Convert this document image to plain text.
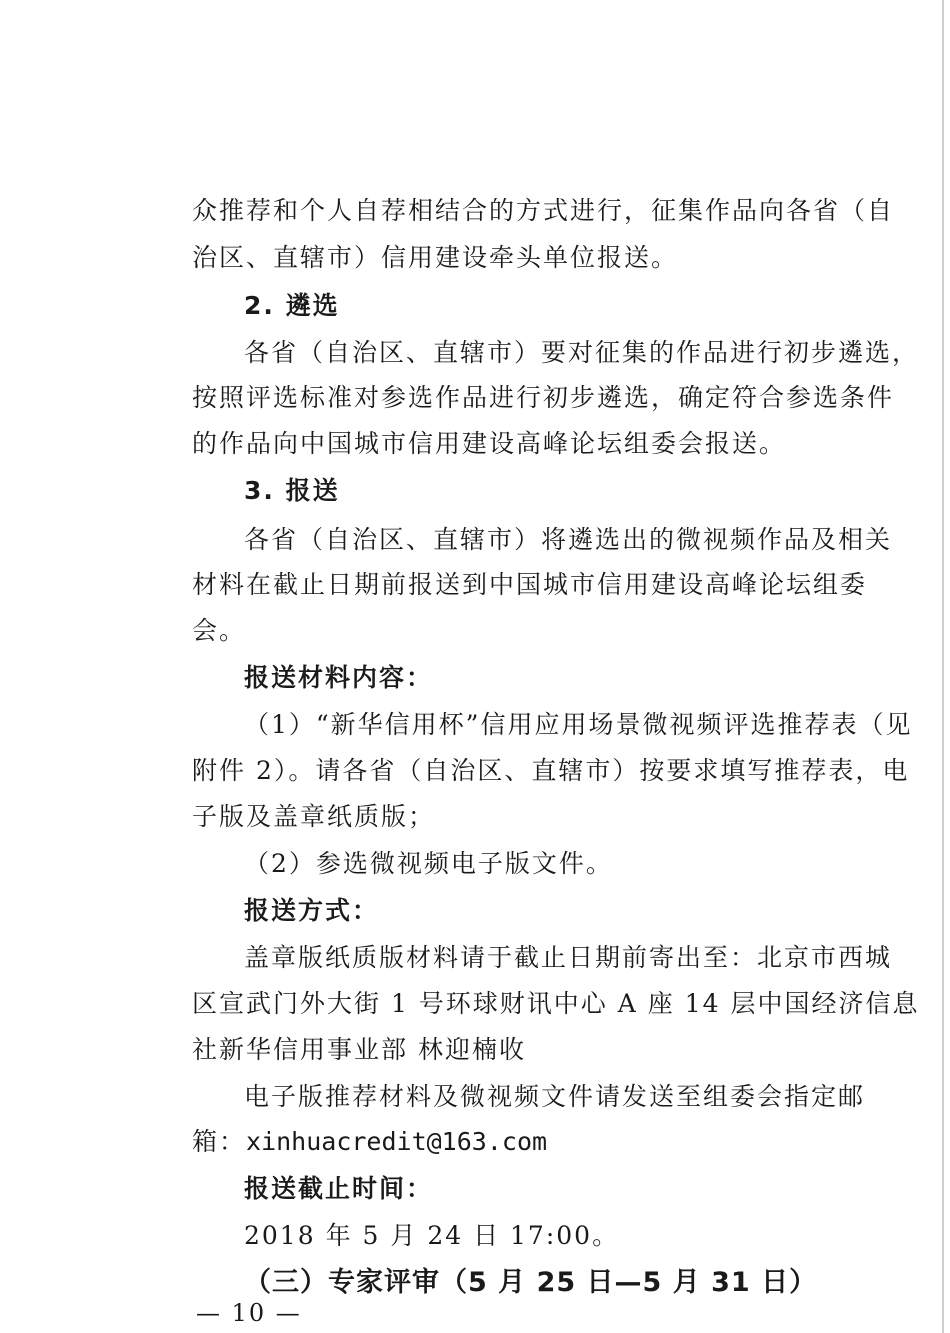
众推荐和个人自荐相结合的方式进行，征集作品向各省（自
治区、直辖市）信用建设牵头单位报送。
2. 遴选
各省（自治区、直辖市）要对征集的作品进行初步遴选，
按照评选标准对参选作品进行初步遴选，确定符合参选条件
的作品向中国城市信用建设高峰论坛组委会报送。
3. 报送
各省（自治区、直辖市）将遴选出的微视频作品及相关
材料在截止日期前报送到中国城市信用建设高峰论坛组委
会。
报送材料内容：
（1）“新华信用杯”信用应用场景微视频评选推荐表（见
附件 2）。请各省（自治区、直辖市）按要求填写推荐表，电
子版及盖章纸质版；
（2）参选微视频电子版文件。
报送方式：
盖章版纸质版材料请于截止日期前寄出至：北京市西城
区宣武门外大街 1 号环球财讯中心 A 座 14 层中国经济信息
社新华信用事业部 林迎楠收
电子版推荐材料及微视频文件请发送至组委会指定邮
箱：xinhuacredit@163.com
报送截止时间：
2018 年 5 月 24 日 17:00。
（三）专家评审（5 月 25 日—5 月 31 日）
— 10 —
